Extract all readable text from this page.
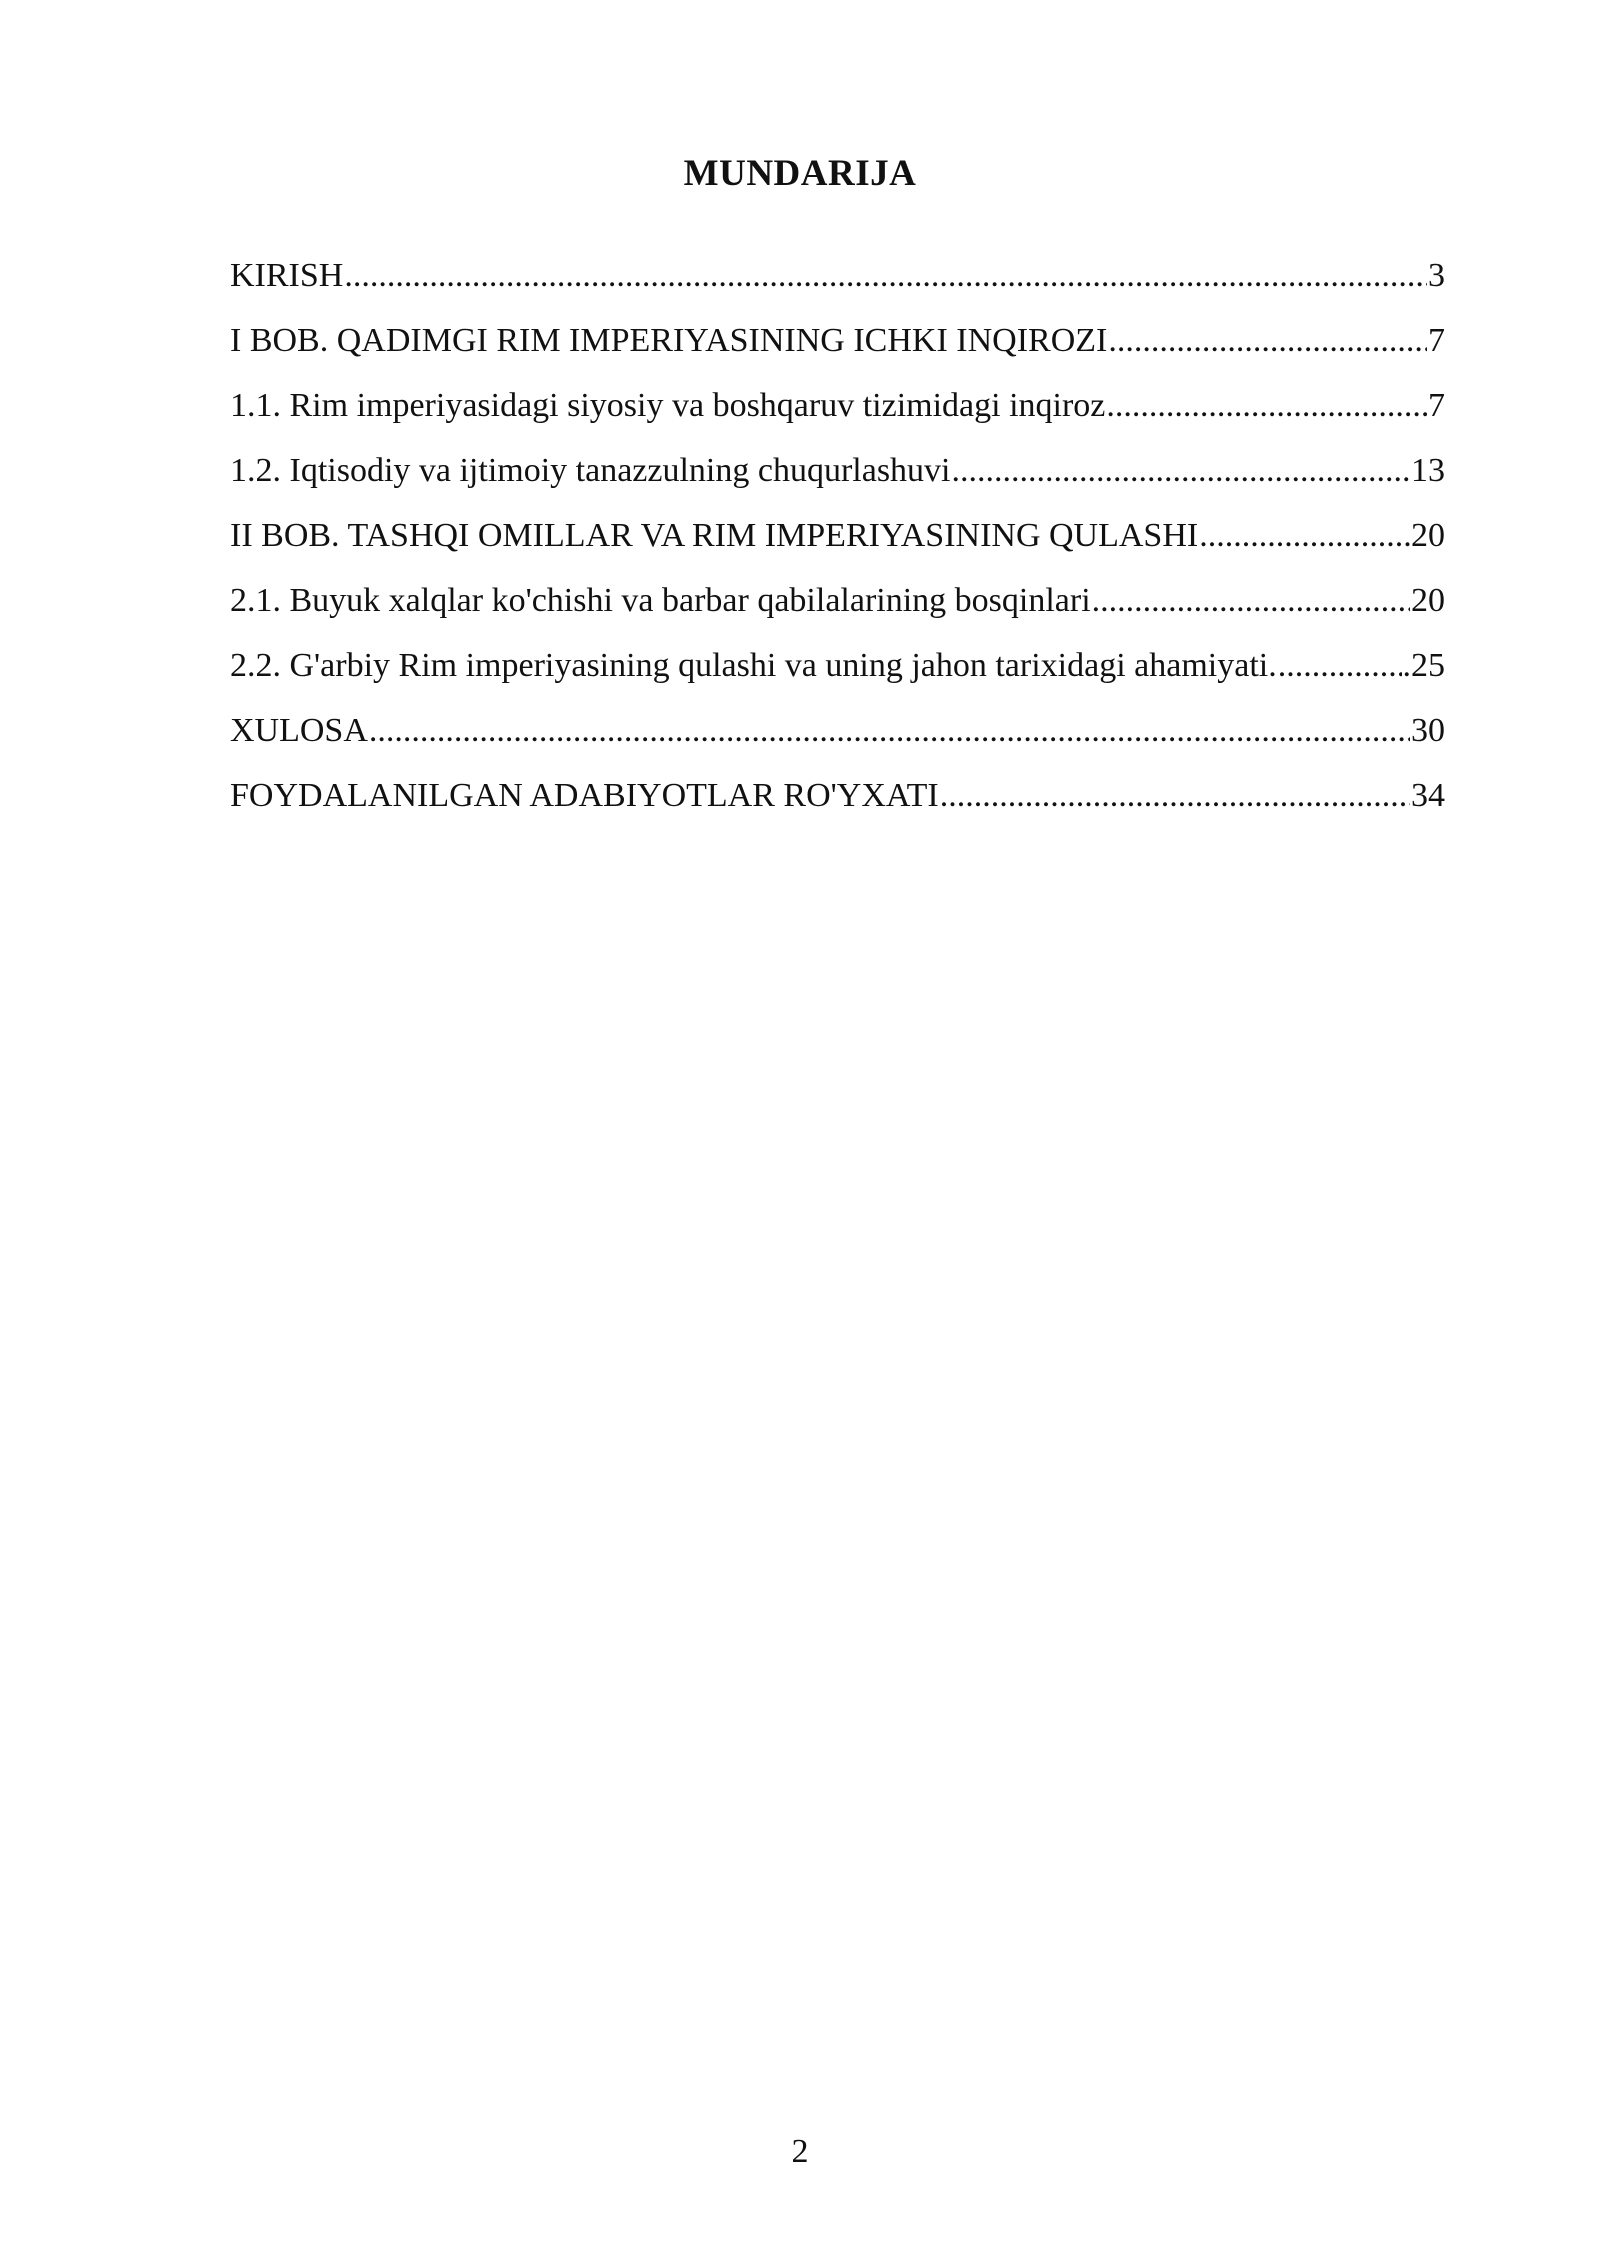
MUNDARIJA
KIRISH .....	3
I BOB. QADIMGI RIM IMPERIYASINING ICHKI INQIROZI .....	7
1.1. Rim imperiyasidagi siyosiy va boshqaruv tizimidagi inqiroz .....	7
1.2. Iqtisodiy va ijtimoiy tanazzulning chuqurlashuvi .....	13
II BOB. TASHQI OMILLAR VA RIM IMPERIYASINING QULASHI .....	20
2.1. Buyuk xalqlar ko'chishi va barbar qabilalarining bosqinlari .....	20
2.2. G'arbiy Rim imperiyasining qulashi va uning jahon tarixidagi ahamiyati. .....	.25
XULOSA .....	30
FOYDALANILGAN ADABIYOTLAR RO'YXATI .....	34
2
